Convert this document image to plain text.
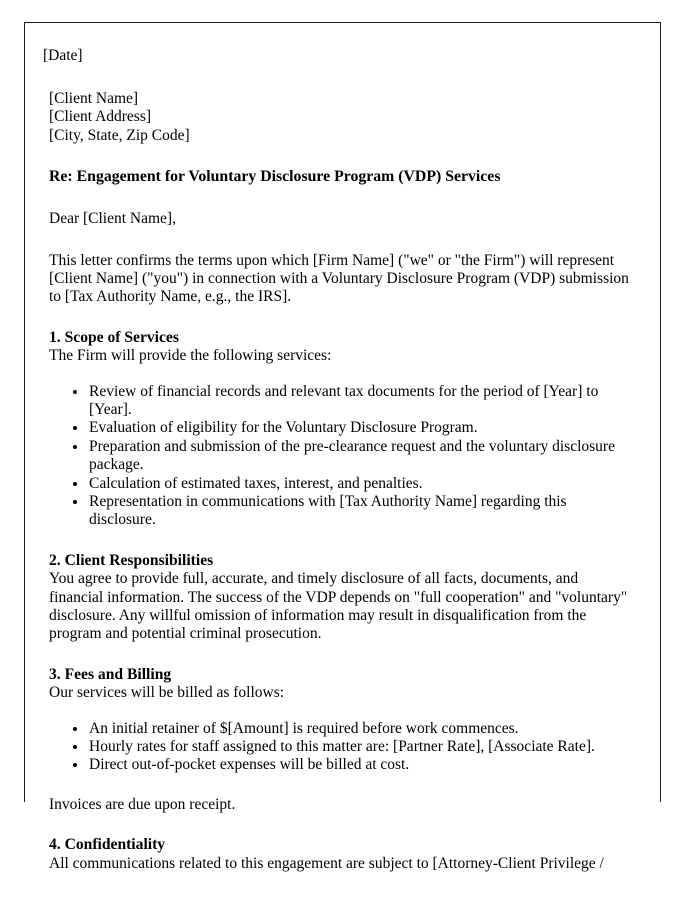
[Date]
[Client Name]
[Client Address]
[City, State, Zip Code]
Re: Engagement for Voluntary Disclosure Program (VDP) Services
Dear [Client Name],
This letter confirms the terms upon which [Firm Name] ("we" or "the Firm") will represent [Client Name] ("you") in connection with a Voluntary Disclosure Program (VDP) submission to [Tax Authority Name, e.g., the IRS].
1. Scope of Services
The Firm will provide the following services:
• Review of financial records and relevant tax documents for the period of [Year] to [Year].
• Evaluation of eligibility for the Voluntary Disclosure Program.
• Preparation and submission of the pre-clearance request and the voluntary disclosure package.
• Calculation of estimated taxes, interest, and penalties.
• Representation in communications with [Tax Authority Name] regarding this disclosure.
2. Client Responsibilities
You agree to provide full, accurate, and timely disclosure of all facts, documents, and financial information. The success of the VDP depends on "full cooperation" and "voluntary" disclosure. Any willful omission of information may result in disqualification from the program and potential criminal prosecution.
3. Fees and Billing
Our services will be billed as follows:
• An initial retainer of $[Amount] is required before work commences.
• Hourly rates for staff assigned to this matter are: [Partner Rate], [Associate Rate].
• Direct out-of-pocket expenses will be billed at cost.
Invoices are due upon receipt.
4. Confidentiality
All communications related to this engagement are subject to [Attorney-Client Privilege /
